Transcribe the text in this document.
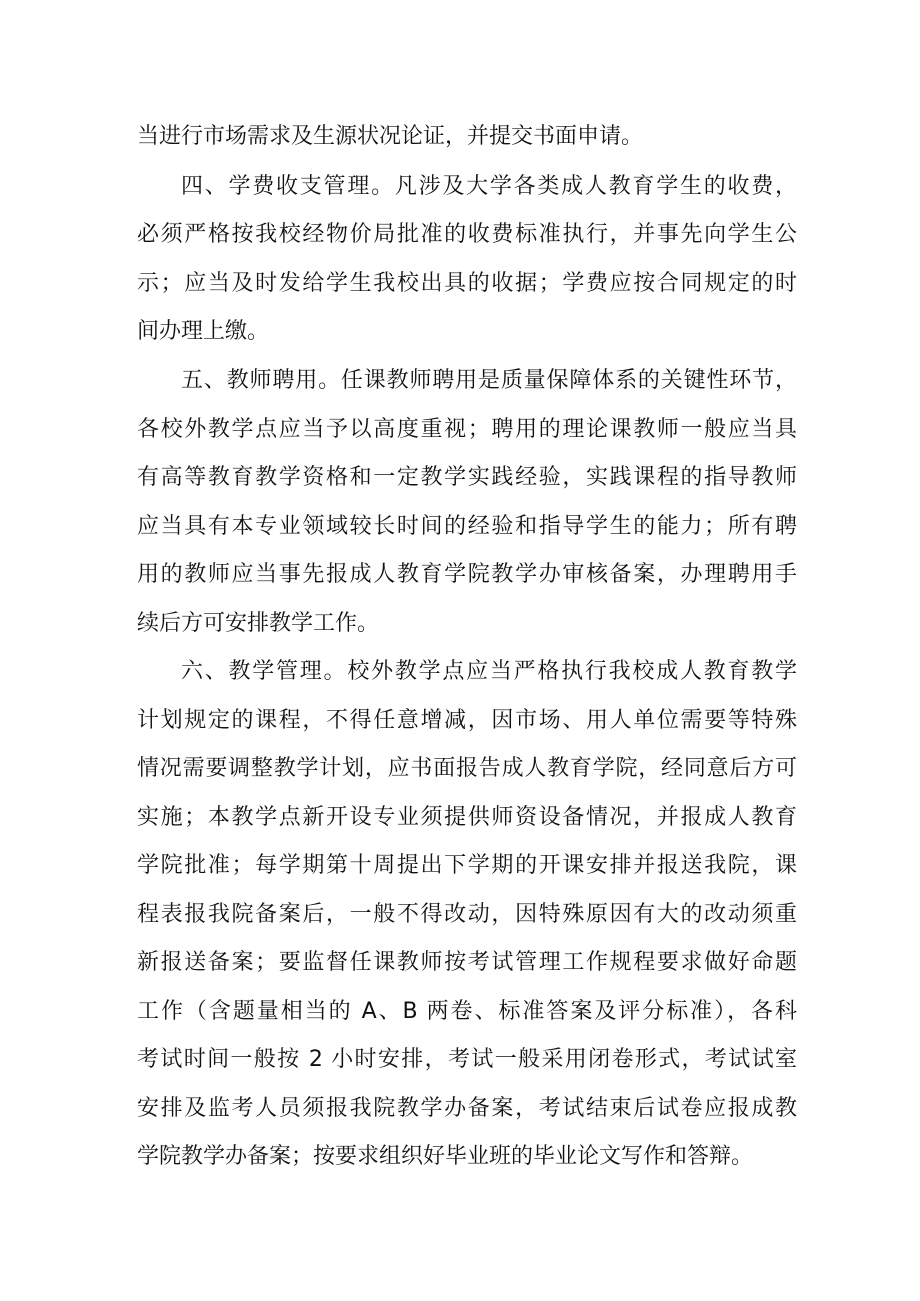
当进行市场需求及生源状况论证，并提交书面申请。
四、学费收支管理。凡涉及大学各类成人教育学生的收费，
必须严格按我校经物价局批准的收费标准执行，并事先向学生公
示；应当及时发给学生我校出具的收据；学费应按合同规定的时
间办理上缴。
五、教师聘用。任课教师聘用是质量保障体系的关键性环节，
各校外教学点应当予以高度重视；聘用的理论课教师一般应当具
有高等教育教学资格和一定教学实践经验，实践课程的指导教师
应当具有本专业领域较长时间的经验和指导学生的能力；所有聘
用的教师应当事先报成人教育学院教学办审核备案，办理聘用手
续后方可安排教学工作。
六、教学管理。校外教学点应当严格执行我校成人教育教学
计划规定的课程，不得任意增减，因市场、用人单位需要等特殊
情况需要调整教学计划，应书面报告成人教育学院，经同意后方可
实施；本教学点新开设专业须提供师资设备情况，并报成人教育
学院批准；每学期第十周提出下学期的开课安排并报送我院，课
程表报我院备案后，一般不得改动，因特殊原因有大的改动须重
新报送备案；要监督任课教师按考试管理工作规程要求做好命题
工作（含题量相当的 A、B 两卷、标准答案及评分标准），各科
考试时间一般按 2 小时安排，考试一般采用闭卷形式，考试试室
安排及监考人员须报我院教学办备案，考试结束后试卷应报成教
学院教学办备案；按要求组织好毕业班的毕业论文写作和答辩。
